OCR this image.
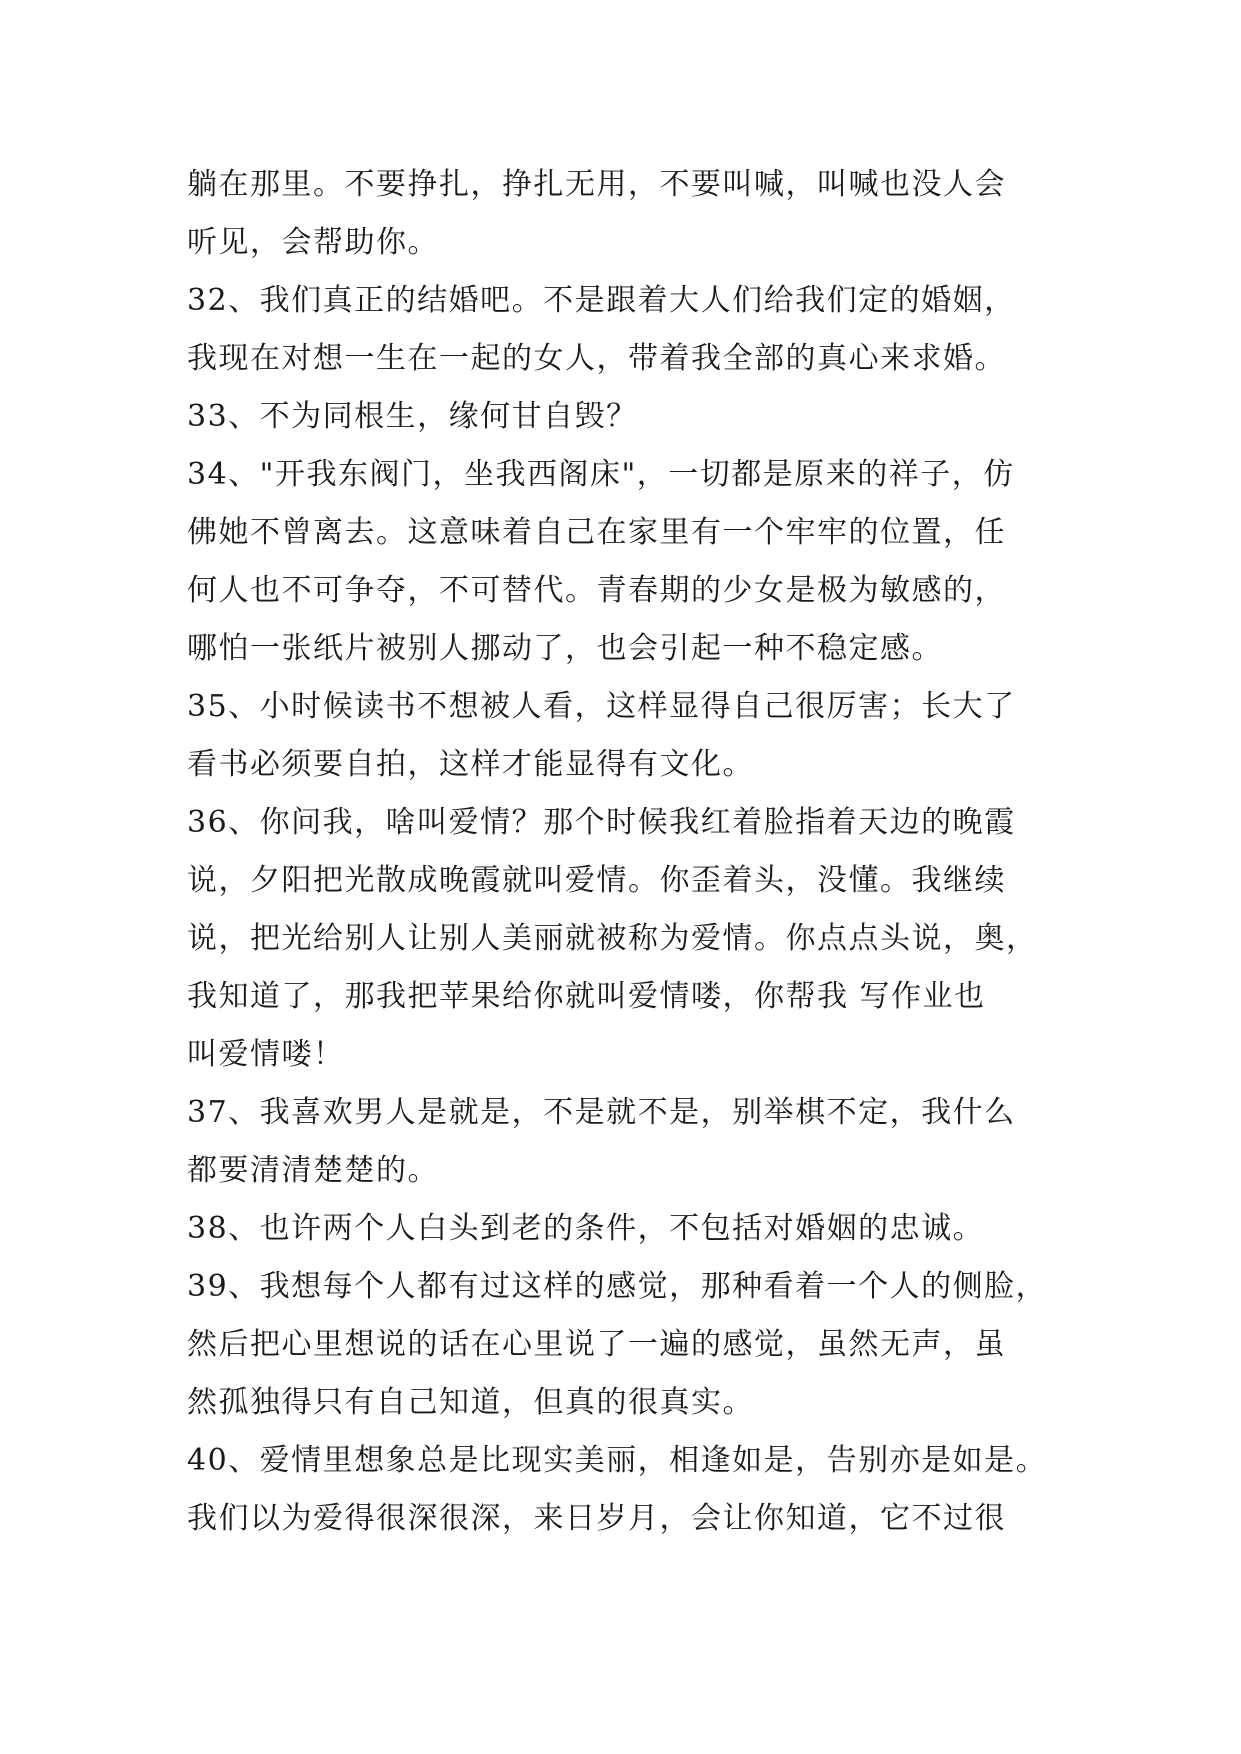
躺在那里。不要挣扎，挣扎无用，不要叫喊，叫喊也没人会
听见，会帮助你。
32、我们真正的结婚吧。不是跟着大人们给我们定的婚姻，
我现在对想一生在一起的女人，带着我全部的真心来求婚。
33、不为同根生，缘何甘自毁？
34、"开我东阀门，坐我西阁床"，一切都是原来的祥子，仿
佛她不曾离去。这意味着自己在家里有一个牢牢的位置，任
何人也不可争夺，不可替代。青春期的少女是极为敏感的，
哪怕一张纸片被别人挪动了，也会引起一种不稳定感。
35、小时候读书不想被人看，这样显得自己很厉害；长大了
看书必须要自拍，这样才能显得有文化。
36、你问我，啥叫爱情？那个时候我红着脸指着天边的晚霞
说，夕阳把光散成晚霞就叫爱情。你歪着头，没懂。我继续
说，把光给别人让别人美丽就被称为爱情。你点点头说，奥，
我知道了，那我把苹果给你就叫爱情喽，你帮我 写作业也
叫爱情喽！
37、我喜欢男人是就是，不是就不是，别举棋不定，我什么
都要清清楚楚的。
38、也许两个人白头到老的条件，不包括对婚姻的忠诚。
39、我想每个人都有过这样的感觉，那种看着一个人的侧脸，
然后把心里想说的话在心里说了一遍的感觉，虽然无声，虽
然孤独得只有自己知道，但真的很真实。
40、爱情里想象总是比现实美丽，相逢如是，告别亦是如是。
我们以为爱得很深很深，来日岁月，会让你知道，它不过很
